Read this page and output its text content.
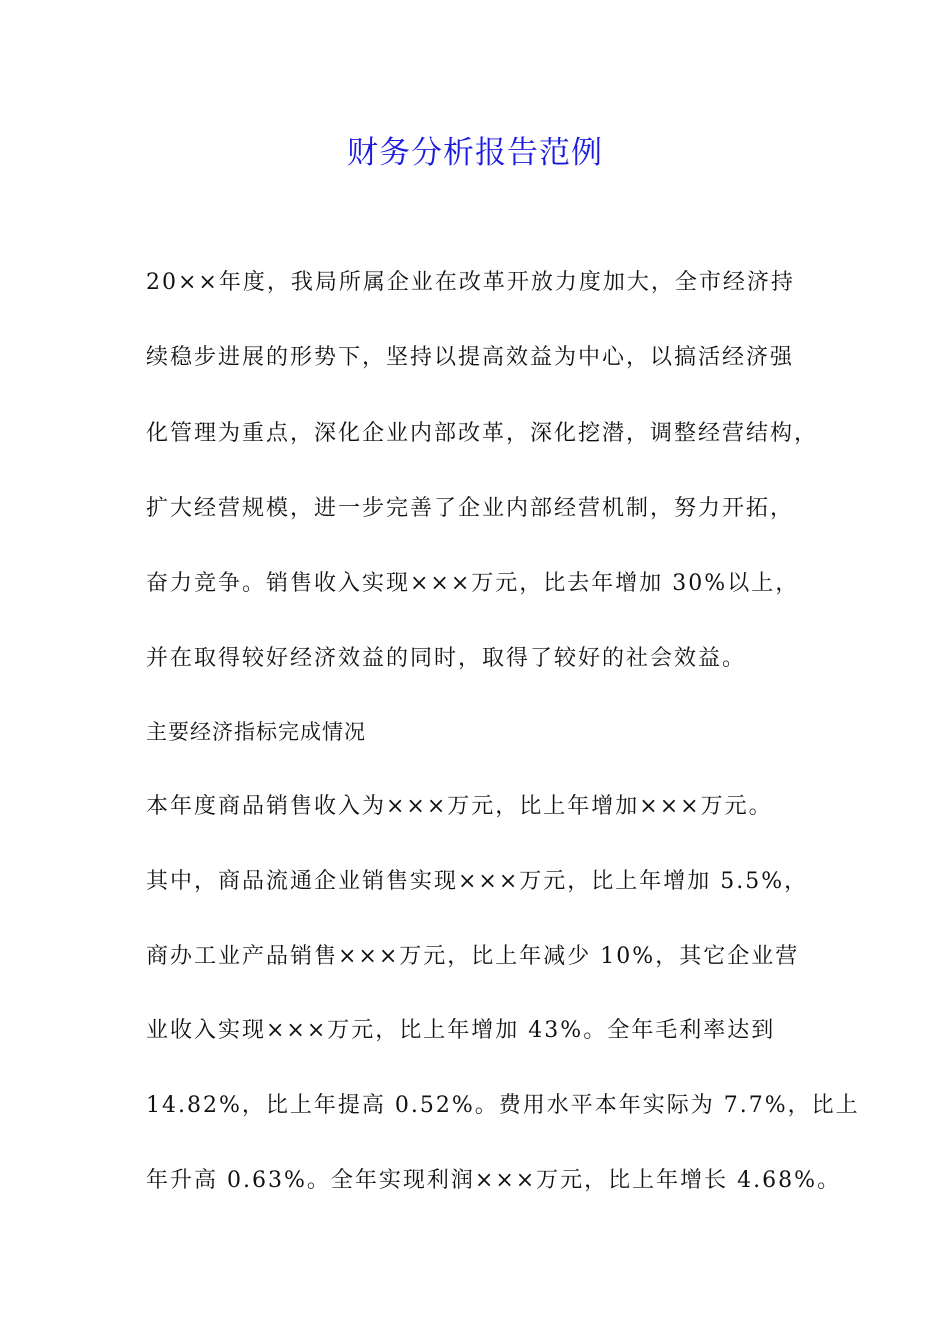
财务分析报告范例
20××年度，我局所属企业在改革开放力度加大，全市经济持
续稳步进展的形势下，坚持以提高效益为中心，以搞活经济强
化管理为重点，深化企业内部改革，深化挖潜，调整经营结构，
扩大经营规模，进一步完善了企业内部经营机制，努力开拓，
奋力竞争。销售收入实现×××万元，比去年增加 30%以上，
并在取得较好经济效益的同时，取得了较好的社会效益。
主要经济指标完成情况
本年度商品销售收入为×××万元，比上年增加×××万元。
其中，商品流通企业销售实现×××万元，比上年增加 5.5%，
商办工业产品销售×××万元，比上年减少 10%，其它企业营
业收入实现×××万元，比上年增加 43%。全年毛利率达到
14.82%，比上年提高 0.52%。费用水平本年实际为 7.7%，比上
年升高 0.63%。全年实现利润×××万元，比上年增长 4.68%。
